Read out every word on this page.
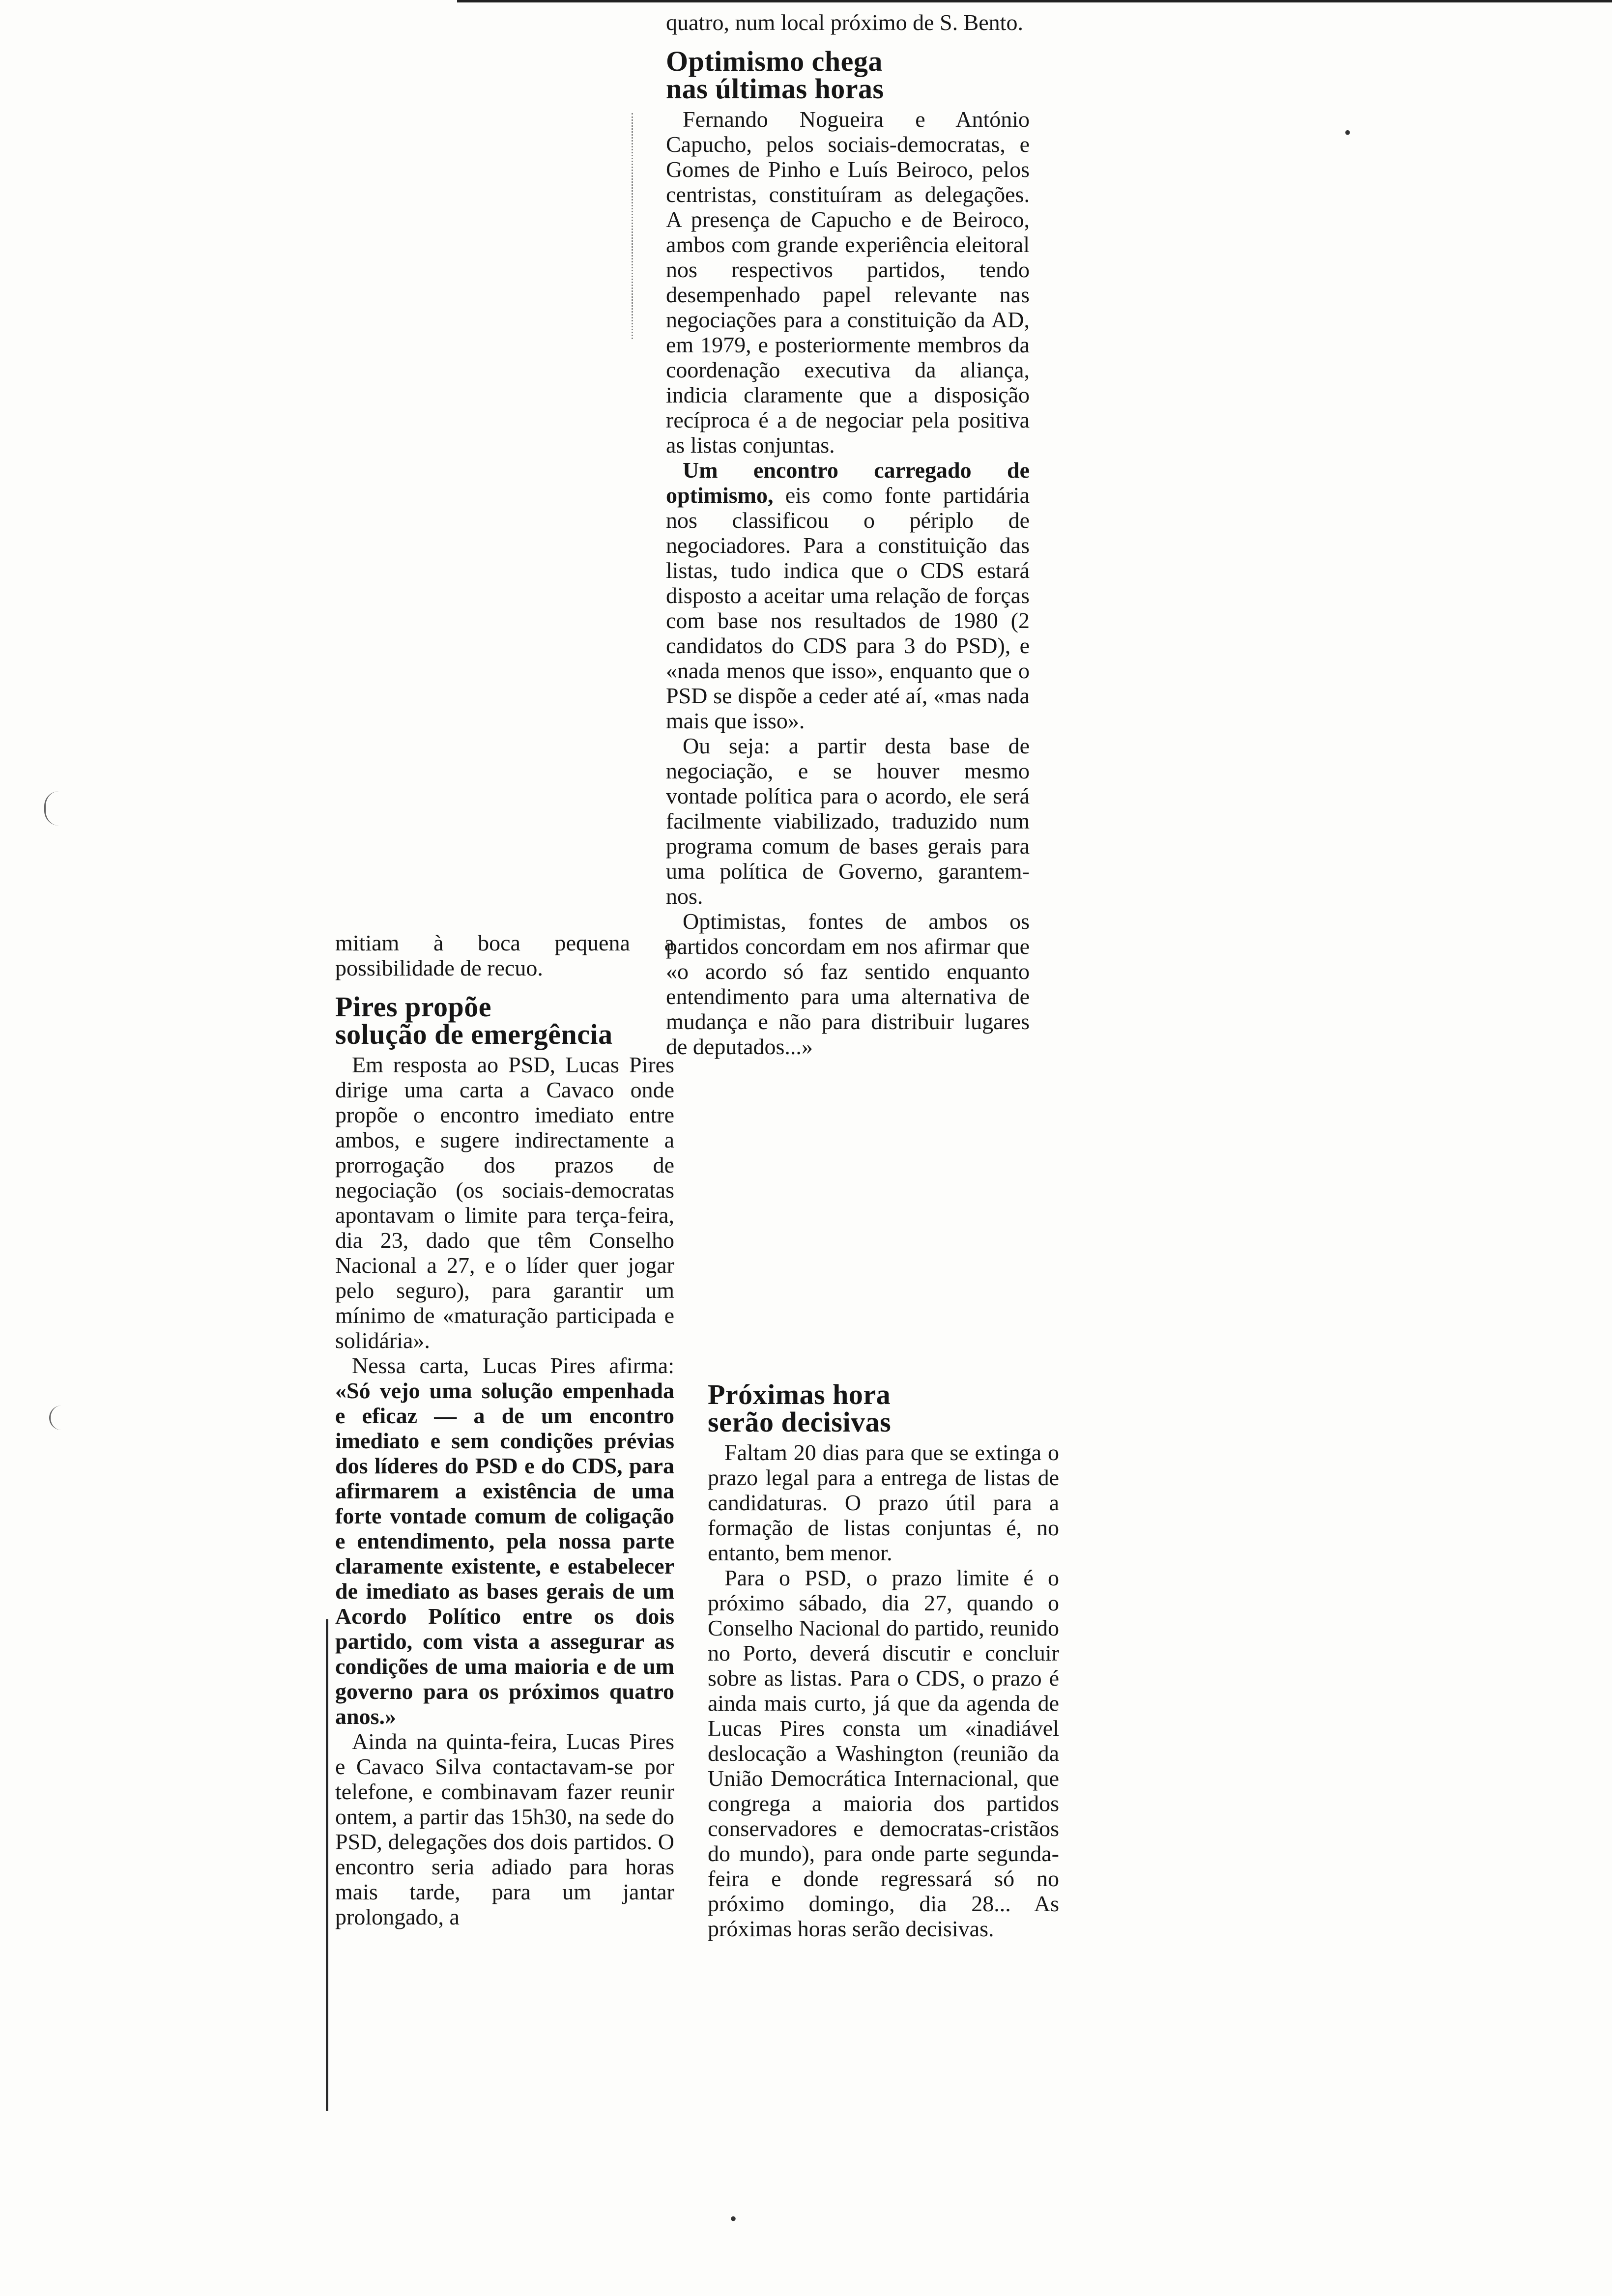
•
•

quatro, num local próximo de S. Bento.

Optimismo chega
nas últimas horas

Fernando Nogueira e António Capucho, pelos sociais-democratas, e Gomes de Pinho e Luís Beiroco, pelos centristas, constituíram as delegações. A presença de Capucho e de Beiroco, ambos com grande experiência eleitoral nos respectivos partidos, tendo desempenhado papel relevante nas negociações para a constituição da AD, em 1979, e posteriormente membros da coordenação executiva da aliança, indicia claramente que a disposição recíproca é a de negociar pela positiva as listas conjuntas.

Um encontro carregado de optimismo, eis como fonte partidária nos classificou o périplo de negociadores. Para a constituição das listas, tudo indica que o CDS estará disposto a aceitar uma relação de forças com base nos resultados de 1980 (2 candidatos do CDS para 3 do PSD), e «nada menos que isso», enquanto que o PSD se dispõe a ceder até aí, «mas nada mais que isso».

Ou seja: a partir desta base de negociação, e se houver mesmo vontade política para o acordo, ele será facilmente viabilizado, traduzido num programa comum de bases gerais para uma política de Governo, garantem-nos.

Optimistas, fontes de ambos os partidos concordam em nos afirmar que «o acordo só faz sentido enquanto entendimento para uma alternativa de mudança e não para distribuir lugares de deputados...»

mitiam à boca pequena a possibilidade de recuo.

Pires propõe
solução de emergência

Em resposta ao PSD, Lucas Pires dirige uma carta a Cavaco onde propõe o encontro imediato entre ambos, e sugere indirectamente a prorrogação dos prazos de negociação (os sociais-democratas apontavam o limite para terça-feira, dia 23, dado que têm Conselho Nacional a 27, e o líder quer jogar pelo seguro), para garantir um mínimo de «maturação participada e solidária».

Nessa carta, Lucas Pires afirma: «Só vejo uma solução empenhada e eficaz — a de um encontro imediato e sem condições prévias dos líderes do PSD e do CDS, para afirmarem a existência de uma forte vontade comum de coligação e entendimento, pela nossa parte claramente existente, e estabelecer de imediato as bases gerais de um Acordo Político entre os dois partido, com vista a assegurar as condições de uma maioria e de um governo para os próximos quatro anos.»

Ainda na quinta-feira, Lucas Pires e Cavaco Silva contactavam-se por telefone, e combinavam fazer reunir ontem, a partir das 15h30, na sede do PSD, delegações dos dois partidos. O encontro seria adiado para horas mais tarde, para um jantar prolongado, a

Próximas hora
serão decisivas

Faltam 20 dias para que se extinga o prazo legal para a entrega de listas de candidaturas. O prazo útil para a formação de listas conjuntas é, no entanto, bem menor.

Para o PSD, o prazo limite é o próximo sábado, dia 27, quando o Conselho Nacional do partido, reunido no Porto, deverá discutir e concluir sobre as listas. Para o CDS, o prazo é ainda mais curto, já que da agenda de Lucas Pires consta um «inadiável deslocação a Washington (reunião da União Democrática Internacional, que congrega a maioria dos partidos conservadores e democratas-cristãos do mundo), para onde parte segunda-feira e donde regressará só no próximo domingo, dia 28... As próximas horas serão decisivas.
